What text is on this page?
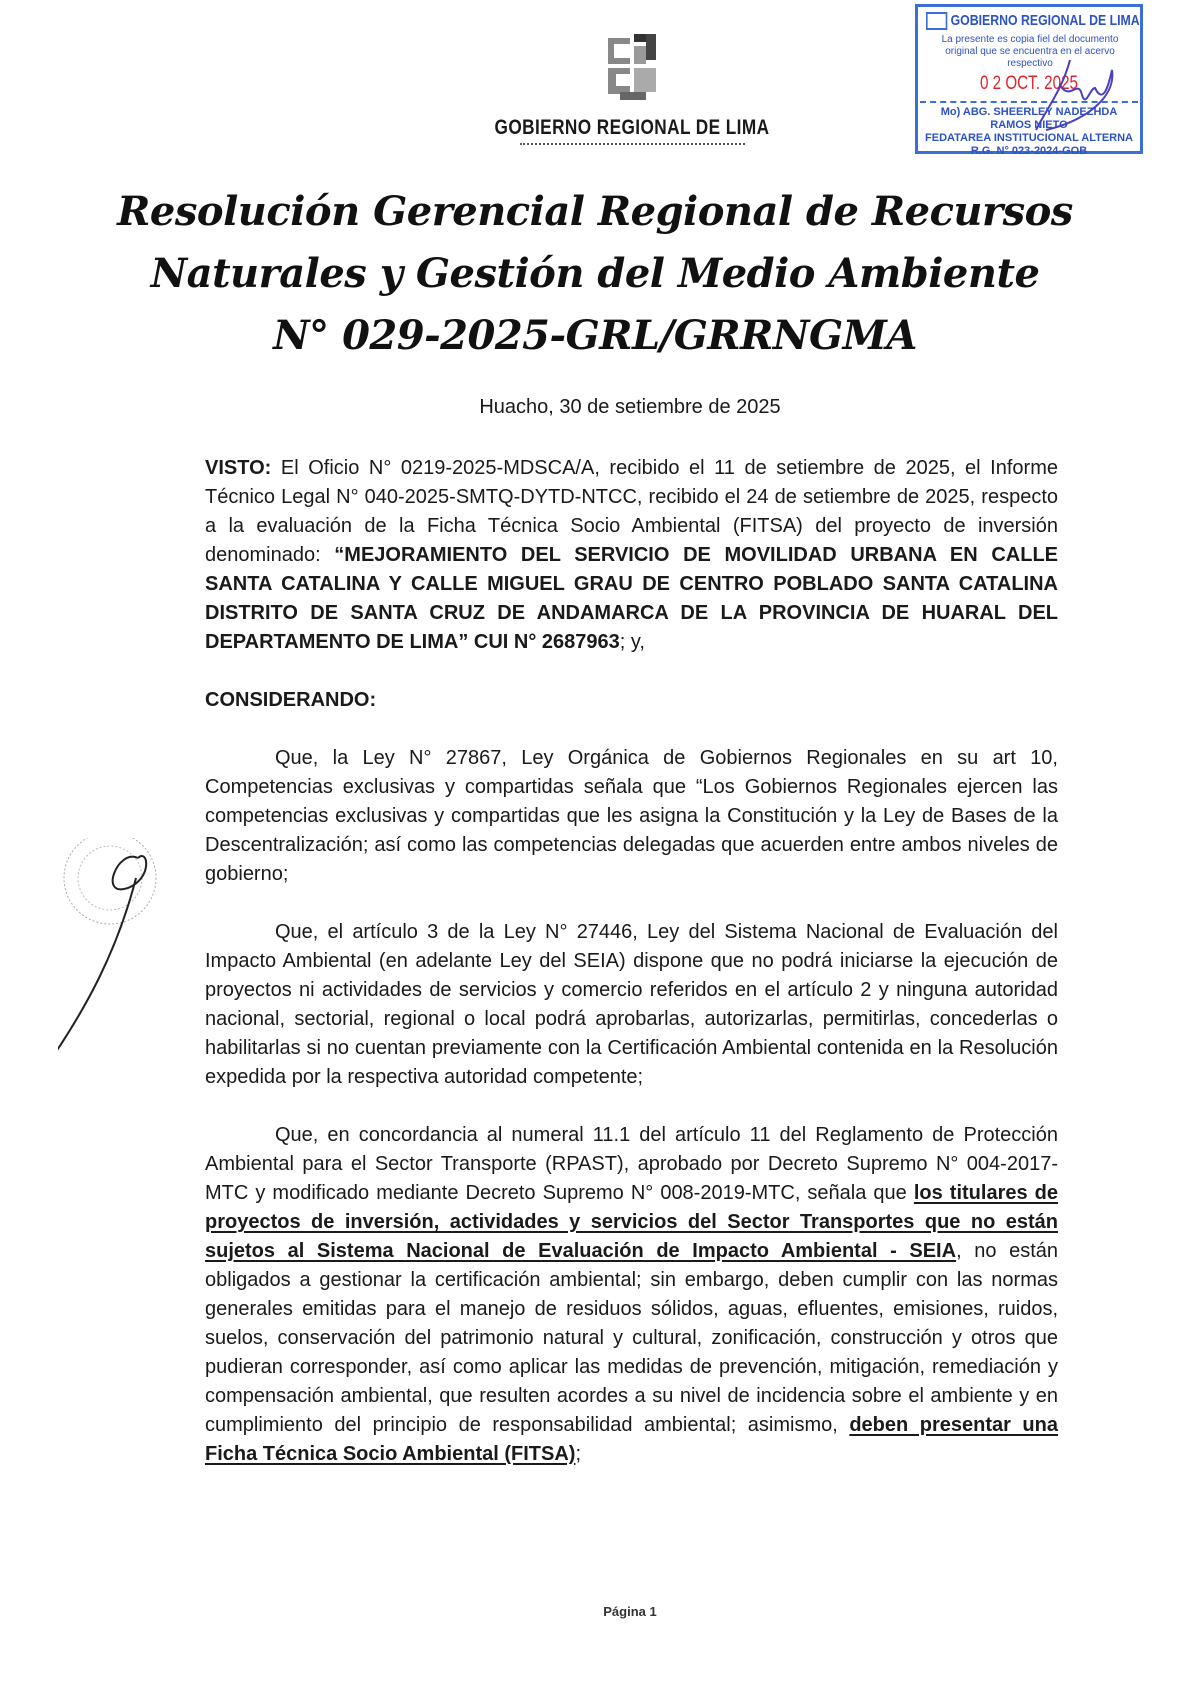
GOBIERNO REGIONAL DE LIMA
Resolución Gerencial Regional de Recursos
Naturales y Gestión del Medio Ambiente
N° 029-2025-GRL/GRRNGMA
GOBIERNO REGIONAL DE LIMA
La presente es copia fiel del documento original que se encuentra en el acervo respectivo
0 2 OCT. 2025
Mo) ABG. SHEERLEY NADEZHDA RAMOS NIETO
FEDATAREA INSTITUCIONAL ALTERNA
R.G. N° 023-2024-GOB
Huacho, 30 de setiembre de 2025
VISTO: El Oficio N° 0219-2025-MDSCA/A, recibido el 11 de setiembre de 2025, el Informe Técnico Legal N° 040-2025-SMTQ-DYTD-NTCC, recibido el 24 de setiembre de 2025, respecto a la evaluación de la Ficha Técnica Socio Ambiental (FITSA) del proyecto de inversión denominado: “MEJORAMIENTO DEL SERVICIO DE MOVILIDAD URBANA EN CALLE SANTA CATALINA Y CALLE MIGUEL GRAU DE CENTRO POBLADO SANTA CATALINA DISTRITO DE SANTA CRUZ DE ANDAMARCA DE LA PROVINCIA DE HUARAL DEL DEPARTAMENTO DE LIMA” CUI N° 2687963; y,
CONSIDERANDO:
Que, la Ley N° 27867, Ley Orgánica de Gobiernos Regionales en su art 10, Competencias exclusivas y compartidas señala que “Los Gobiernos Regionales ejercen las competencias exclusivas y compartidas que les asigna la Constitución y la Ley de Bases de la Descentralización; así como las competencias delegadas que acuerden entre ambos niveles de gobierno;
Que, el artículo 3 de la Ley N° 27446, Ley del Sistema Nacional de Evaluación del Impacto Ambiental (en adelante Ley del SEIA) dispone que no podrá iniciarse la ejecución de proyectos ni actividades de servicios y comercio referidos en el artículo 2 y ninguna autoridad nacional, sectorial, regional o local podrá aprobarlas, autorizarlas, permitirlas, concederlas o habilitarlas si no cuentan previamente con la Certificación Ambiental contenida en la Resolución expedida por la respectiva autoridad competente;
Que, en concordancia al numeral 11.1 del artículo 11 del Reglamento de Protección Ambiental para el Sector Transporte (RPAST), aprobado por Decreto Supremo N° 004-2017-MTC y modificado mediante Decreto Supremo N° 008-2019-MTC, señala que los titulares de proyectos de inversión, actividades y servicios del Sector Transportes que no están sujetos al Sistema Nacional de Evaluación de Impacto Ambiental - SEIA, no están obligados a gestionar la certificación ambiental; sin embargo, deben cumplir con las normas generales emitidas para el manejo de residuos sólidos, aguas, efluentes, emisiones, ruidos, suelos, conservación del patrimonio natural y cultural, zonificación, construcción y otros que pudieran corresponder, así como aplicar las medidas de prevención, mitigación, remediación y compensación ambiental, que resulten acordes a su nivel de incidencia sobre el ambiente y en cumplimiento del principio de responsabilidad ambiental; asimismo, deben presentar una Ficha Técnica Socio Ambiental (FITSA);
Página 1
